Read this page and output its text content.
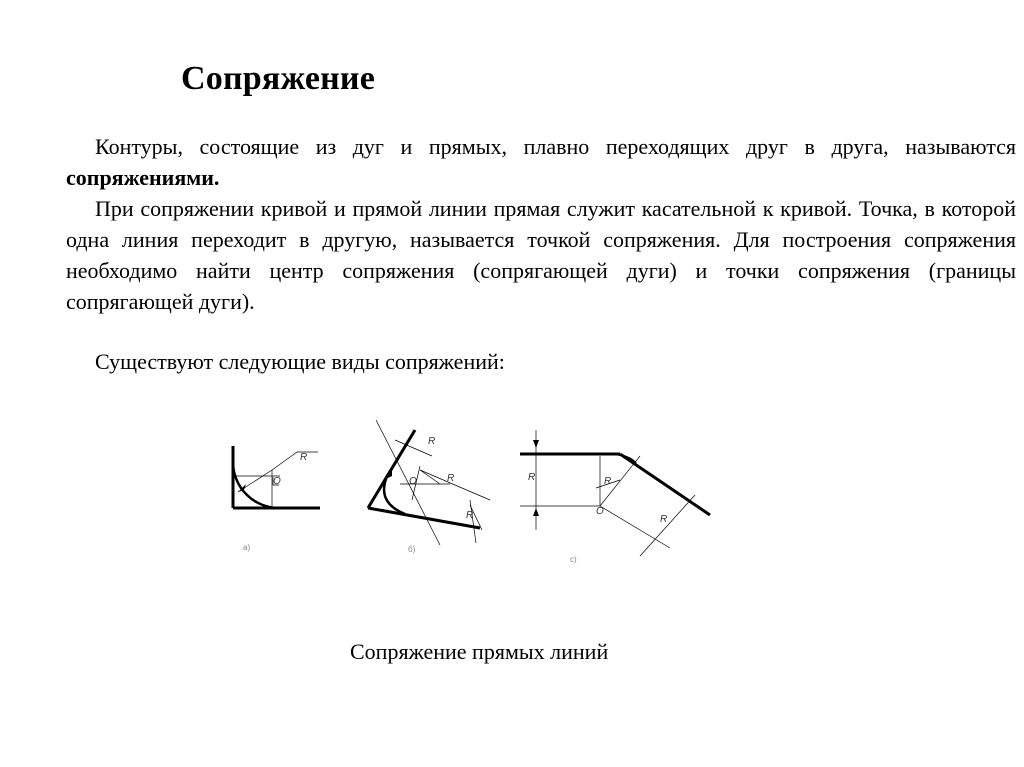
Сопряжение

Контуры, состоящие из дуг и прямых, плавно переходящих друг в друга, называются сопряжениями.

При сопряжении кривой и прямой линии прямая служит касательной к кривой. Точка, в которой одна линия переходит в другую, называется точкой сопряжения. Для построения сопряжения необходимо найти центр сопряжения (сопрягающей дуги) и точки сопряжения (границы сопрягающей дуги).

Существуют следующие виды сопряжений:
R
O
а)
R
O	R
R
б)
R	R
O
R
с)
Сопряжение прямых линий
